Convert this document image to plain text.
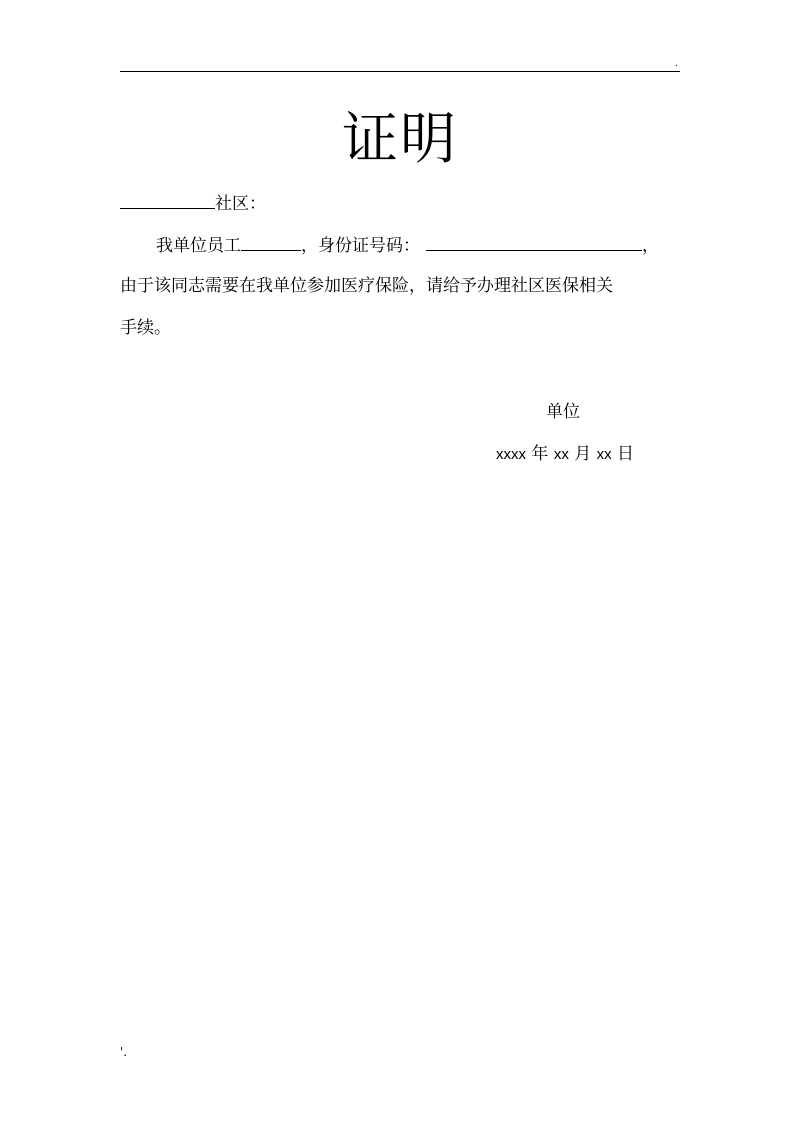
.
证明
社区：
我单位员工	，身份证号码：	，
由于该同志需要在我单位参加医疗保险，请给予办理社区医保相关
手续。
单位
xxxx 年 xx 月 xx 日
'.
